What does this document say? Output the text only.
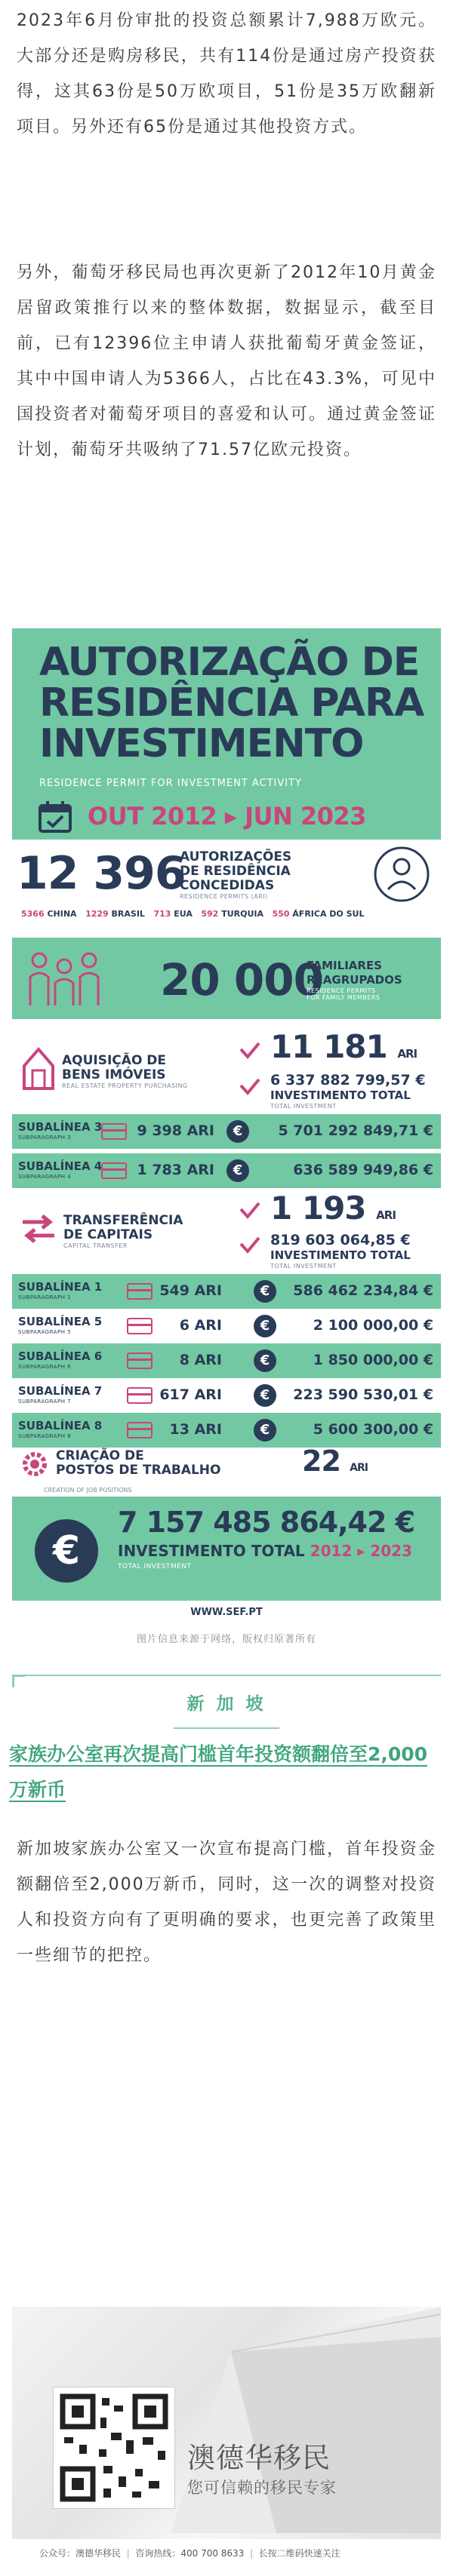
2023年6月份审批的投资总额累计7,988万欧元。大部分还是购房移民，共有114份是通过房产投资获得，这其63份是50万欧项目，51份是35万欧翻新项目。另外还有65份是通过其他投资方式。

另外，葡萄牙移民局也再次更新了2012年10月黄金居留政策推行以来的整体数据，数据显示，截至目前，已有12396位主申请人获批葡萄牙黄金签证，其中中国申请人为5366人，占比在43.3%，可见中国投资者对葡萄牙项目的喜爱和认可。通过黄金签证计划，葡萄牙共吸纳了71.57亿欧元投资。

AUTORIZAÇÃO DE
RESIDÊNCIA PARA
INVESTIMENTO
RESIDENCE PERMIT FOR INVESTMENT ACTIVITY
OUT 2012 ▸ JUN 2023
12 396
AUTORIZAÇÕES
DE RESIDÊNCIA
CONCEDIDAS
RESIDENCE PERMITS (ARI)
5366 CHINA 1229 BRASIL 713 EUA 592 TURQUIA 550 ÁFRICA DO SUL
20 000
FAMILIARES
REAGRUPADOS
RESIDENCE PERMITS
FOR FAMILY MEMBERS
AQUISIÇÃO DE
BENS IMÓVEIS
REAL ESTATE PROPERTY PURCHASING
11 181 ARI
6 337 882 799,57 €
INVESTIMENTO TOTAL
TOTAL INVESTMENT
SUBALÍNEA 3
SUBPARAGRAPH 3	9 398 ARI	€	5 701 292 849,71 €
SUBALÍNEA 4
SUBPARAGRAPH 4	1 783 ARI	€	636 589 949,86 €
TRANSFERÊNCIA
DE CAPITAIS
CAPITAL TRANSFER
1 193 ARI
819 603 064,85 €
INVESTIMENTO TOTAL
TOTAL INVESTMENT
SUBALÍNEA 1
SUBPARAGRAPH 1	549 ARI	€	586 462 234,84 €
SUBALÍNEA 5
SUBPARAGRAPH 5	6 ARI	€	2 100 000,00 €
SUBALÍNEA 6
SUBPARAGRAPH 6	8 ARI	€	1 850 000,00 €
SUBALÍNEA 7
SUBPARAGRAPH 7	617 ARI	€	223 590 530,01 €
SUBALÍNEA 8
SUBPARAGRAPH 8	13 ARI	€	5 600 300,00 €
CRIAÇÃO DE
POSTOS DE TRABALHO	22 ARI
CREATION OF JOB POSITIONS
€
7 157 485 864,42 €
INVESTIMENTO TOTAL 2012 ▸ 2023
TOTAL INVESTMENT
WWW.SEF.PT
图片信息来源于网络，版权归原著所有
新 加 坡

家族办公室再次提高门槛首年投资额翻倍至2,000万新币

新加坡家族办公室又一次宣布提高门槛，首年投资金额翻倍至2,000万新币，同时，这一次的调整对投资人和投资方向有了更明确的要求，也更完善了政策里一些细节的把控。

澳德华移民
您可信赖的移民专家
公众号：澳德华移民  |  咨询热线：400 700 8633  |  长按二维码快速关注
